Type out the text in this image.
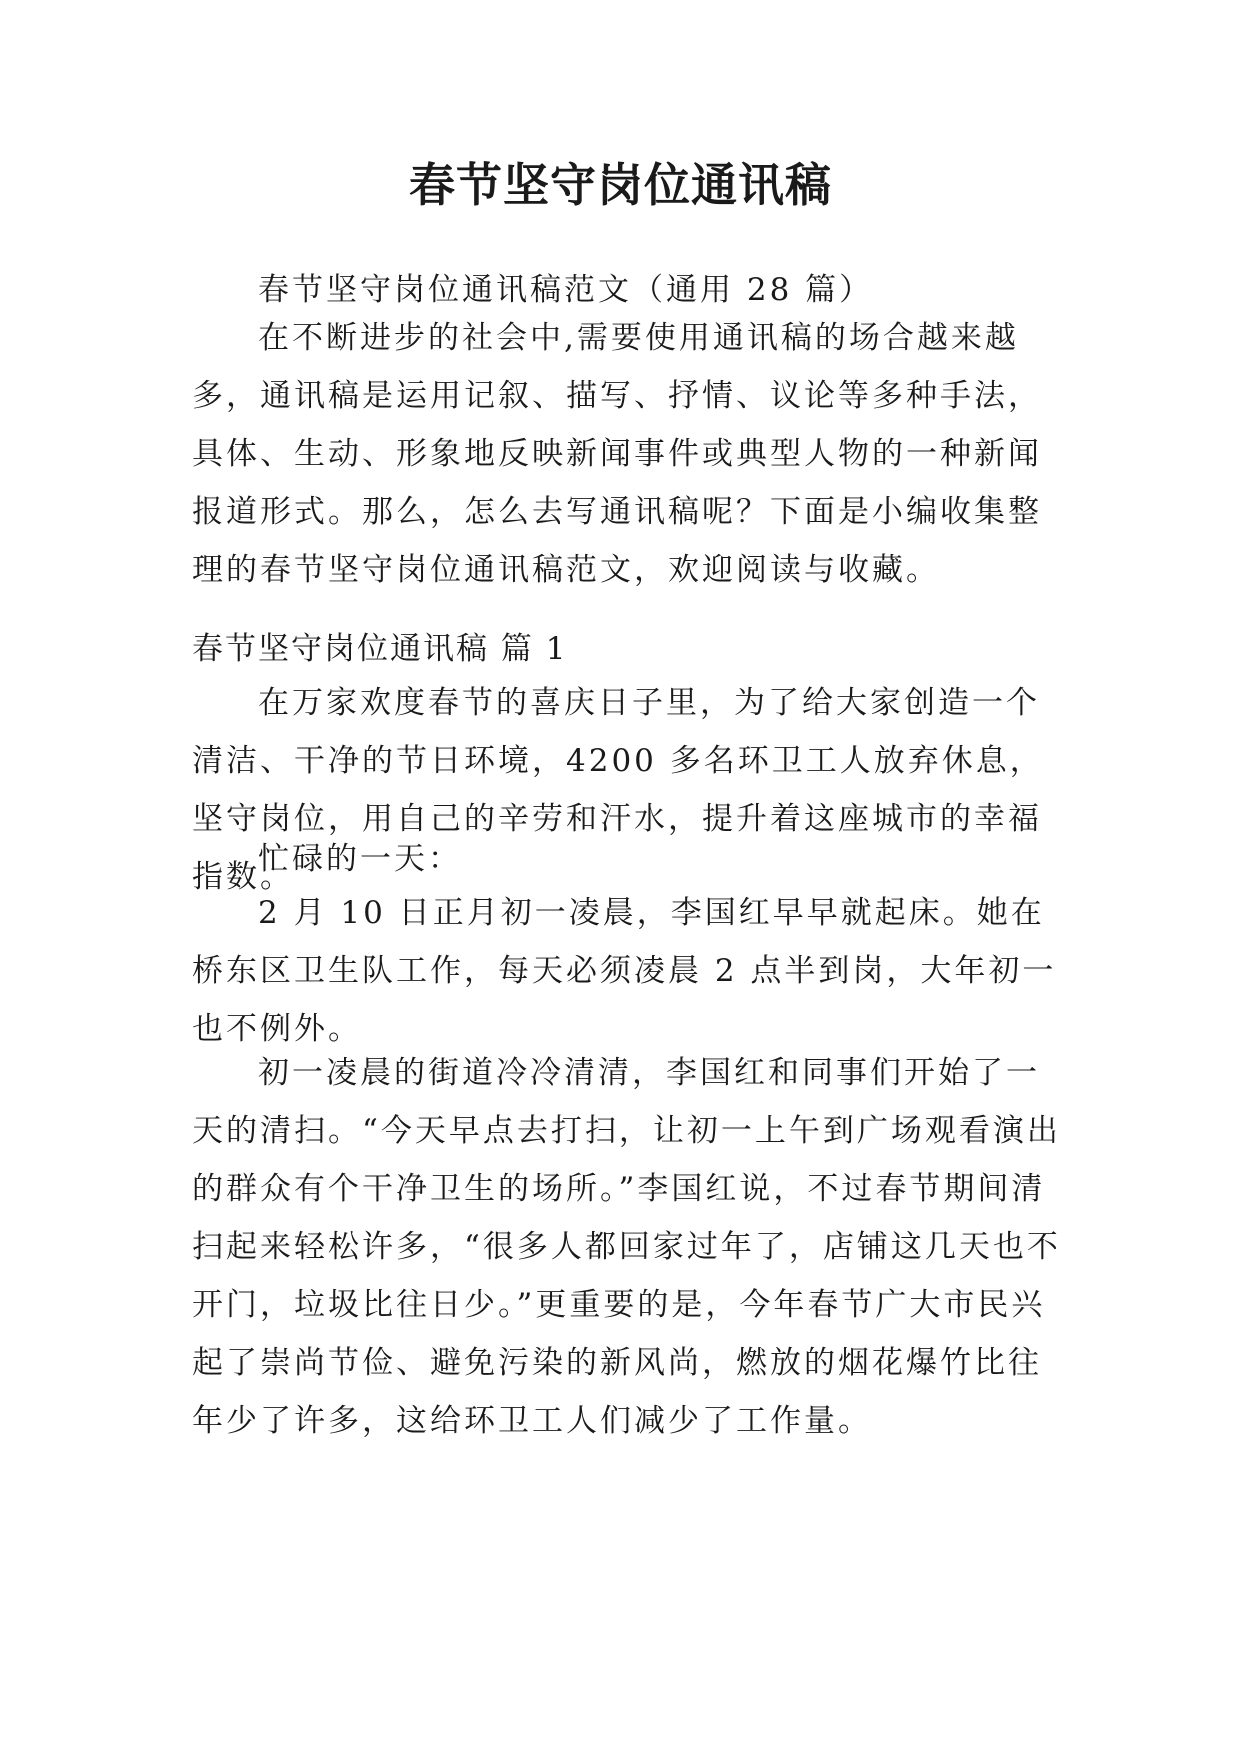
春节坚守岗位通讯稿

春节坚守岗位通讯稿范文（通用 28 篇）

在不断进步的社会中,需要使用通讯稿的场合越来越多，通讯稿是运用记叙、描写、抒情、议论等多种手法，具体、生动、形象地反映新闻事件或典型人物的一种新闻报道形式。那么，怎么去写通讯稿呢？下面是小编收集整理的春节坚守岗位通讯稿范文，欢迎阅读与收藏。

春节坚守岗位通讯稿 篇 1

在万家欢度春节的喜庆日子里，为了给大家创造一个清洁、干净的节日环境，4200 多名环卫工人放弃休息，坚守岗位，用自己的辛劳和汗水，提升着这座城市的幸福指数。

忙碌的一天：

2 月 10 日正月初一凌晨，李国红早早就起床。她在桥东区卫生队工作，每天必须凌晨 2 点半到岗，大年初一也不例外。

初一凌晨的街道冷冷清清，李国红和同事们开始了一天的清扫。“今天早点去打扫，让初一上午到广场观看演出的群众有个干净卫生的场所。”李国红说，不过春节期间清扫起来轻松许多，“很多人都回家过年了，店铺这几天也不开门，垃圾比往日少。”更重要的是，今年春节广大市民兴起了崇尚节俭、避免污染的新风尚，燃放的烟花爆竹比往年少了许多，这给环卫工人们减少了工作量。
